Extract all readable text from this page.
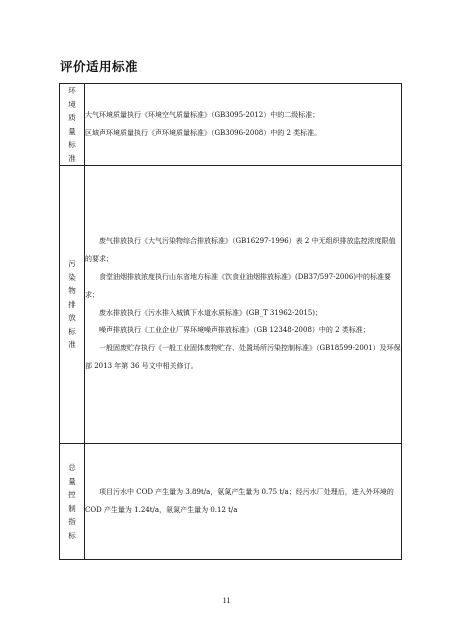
评价适用标准
环境质量标准	大气环境质量执行《环境空气质量标准》（GB3095-2012）中的二级标准；

区域声环境质量执行《声环境质量标准》（GB3096-2008）中的 2 类标准。

污染物排放标准	废气排放执行《大气污染物综合排放标准》（GB16297-1996）表 2 中无组织排放监控浓度限值的要求；

食堂油烟排放浓度执行山东省地方标准《饮食业油烟排放标准》(DB37/597-2006)中的标准要求；

废水排放执行《污水排入城镇下水道水质标准》(GB_T 31962-2015)；

噪声排放执行《工业企业厂界环境噪声排放标准》（GB 12348-2008）中的 2 类标准；

一般固废贮存执行《一般工业固体废物贮存、处置场所污染控制标准》（GB18599-2001）及环保部 2013 年第 36 号文中相关修订。

总量控制指标	项目污水中 COD 产生量为 3.89t/a，氨氮产生量为 0.75 t/a；经污水厂处理后，进入外环境的 COD 产生量为 1.24t/a，氨氮产生量为 0.12 t/a

11
